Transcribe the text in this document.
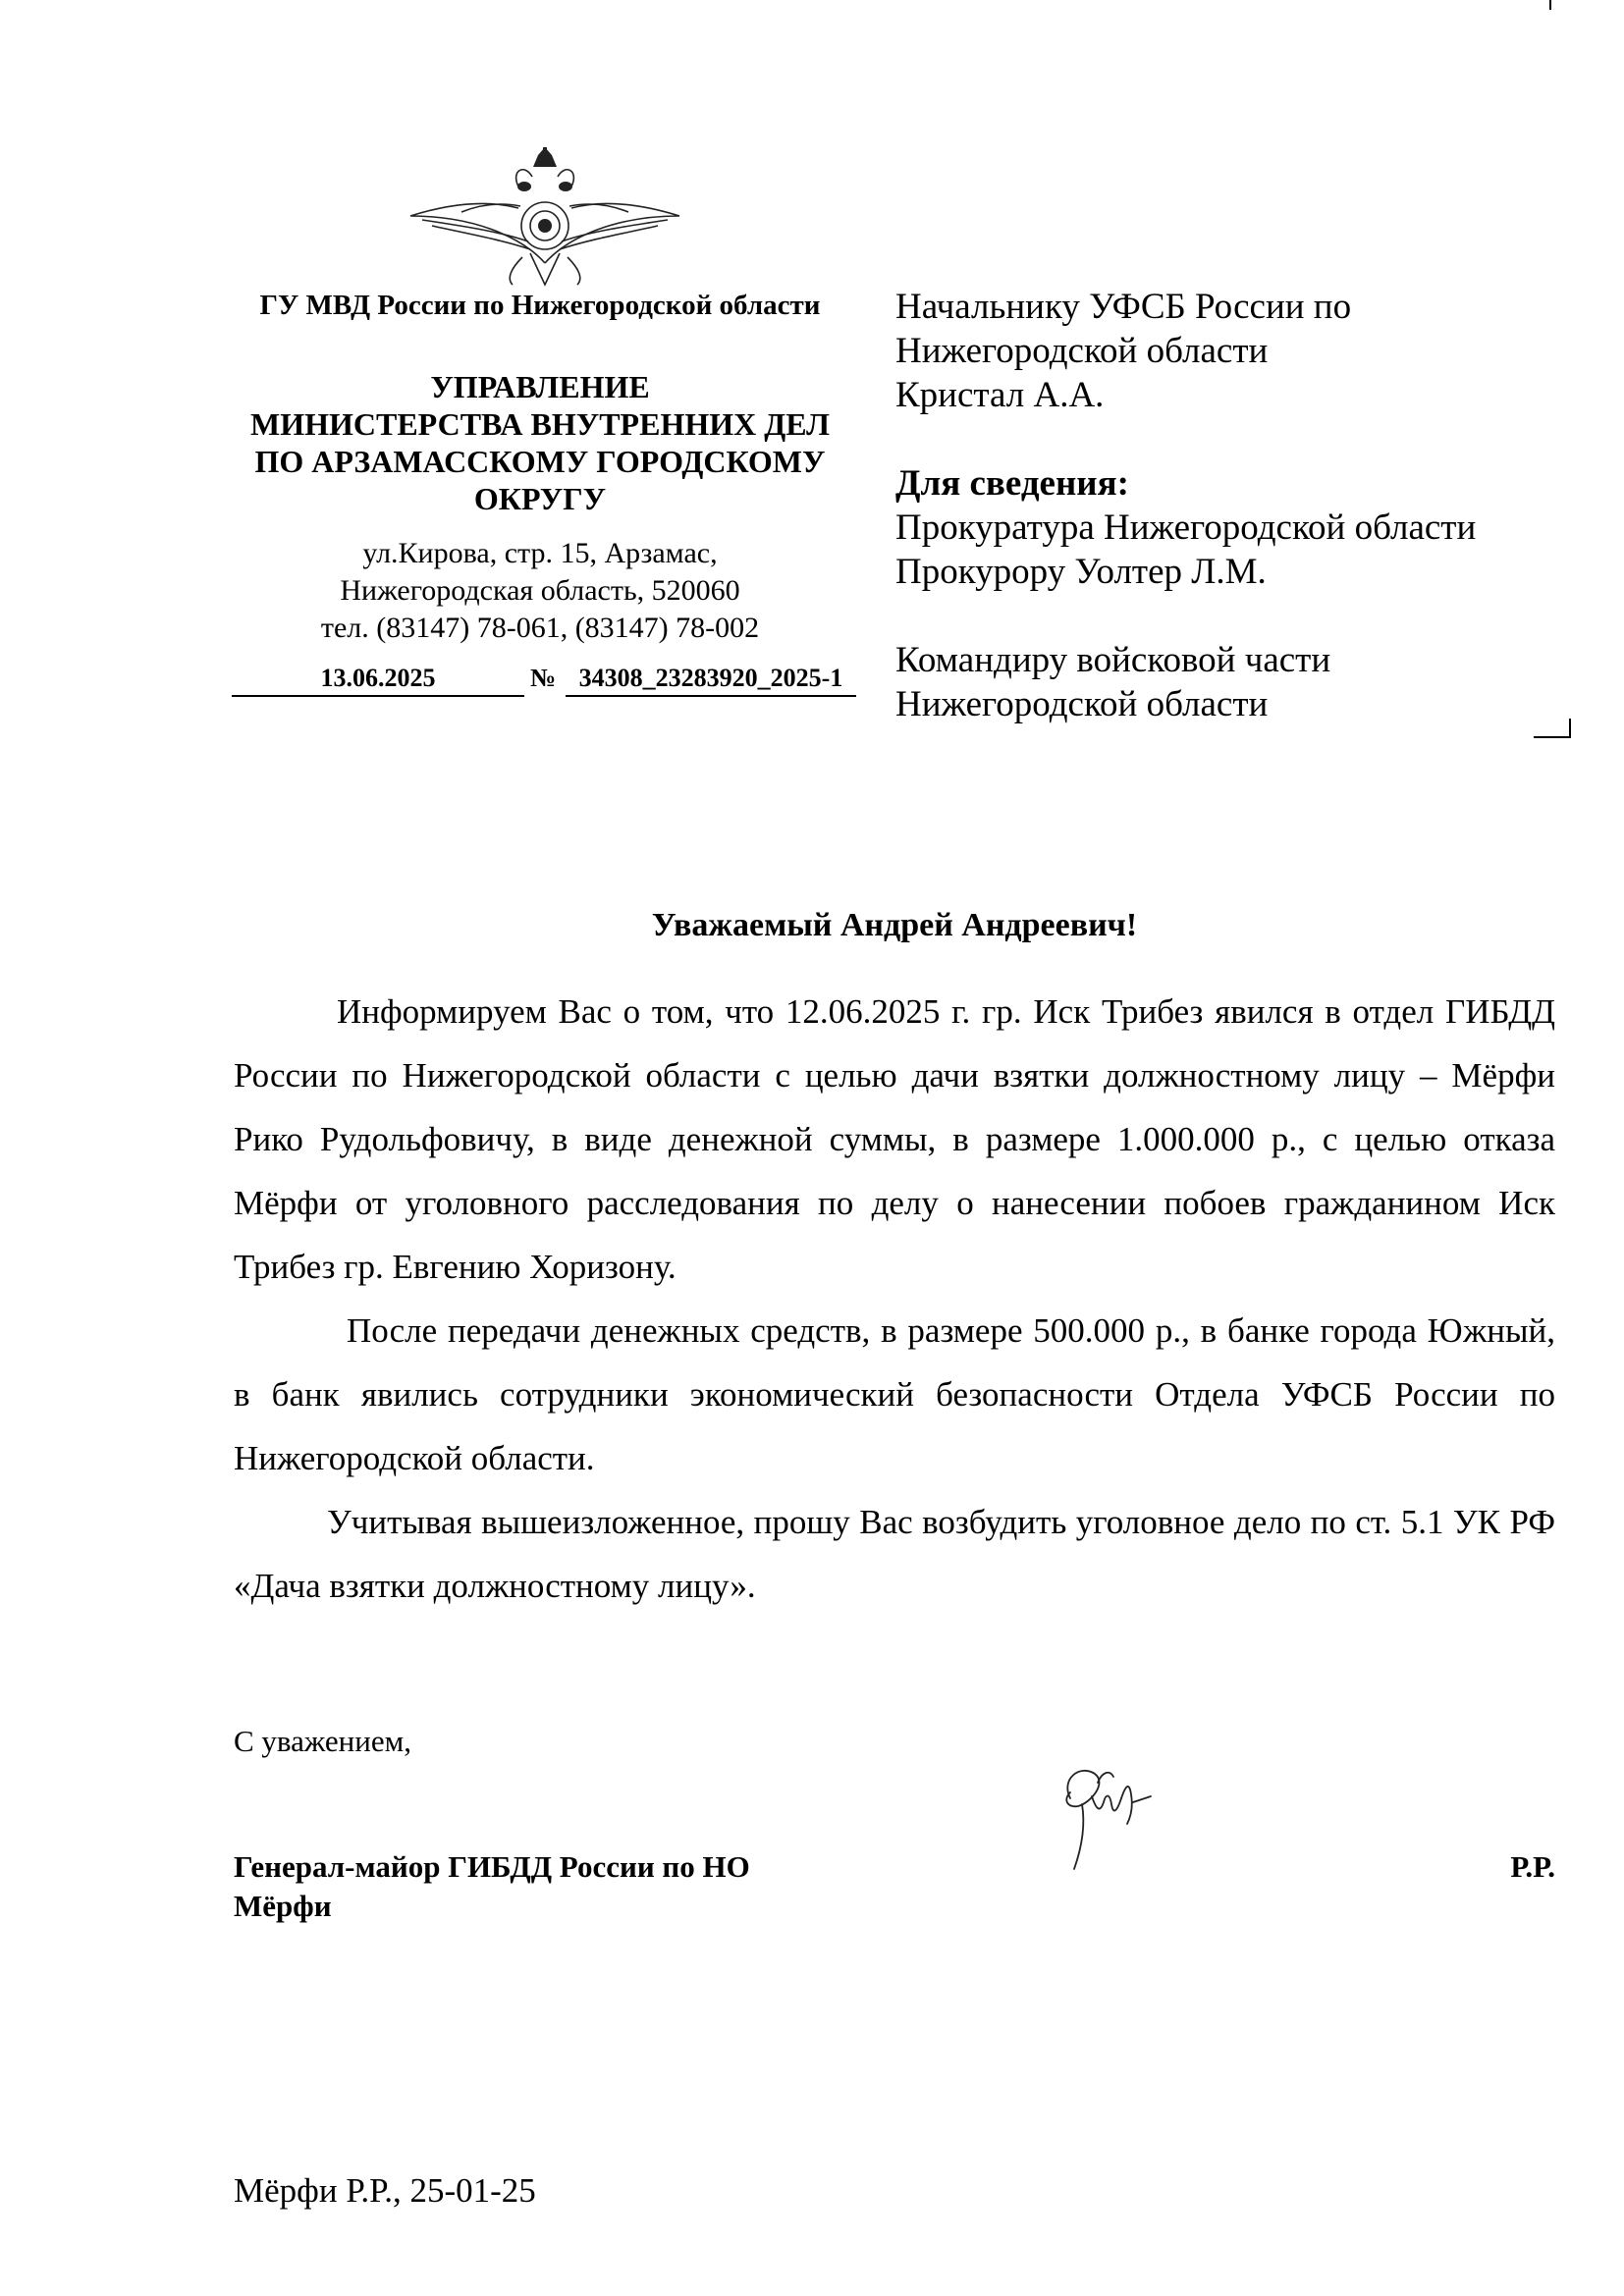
ГУ МВД России по Нижегородской области
УПРАВЛЕНИЕ
МИНИСТЕРСТВА ВНУТРЕННИХ ДЕЛ
ПО АРЗАМАССКОМУ ГОРОДСКОМУ
ОКРУГУ
ул.Кирова, стр. 15, Арзамас,
Нижегородская область, 520060
тел. (83147) 78-061, (83147) 78-002
13.06.2025	№ 34308_23283920_2025-1
Начальнику УФСБ России по
Нижегородской области
Кристал А.А.
Для сведения:
Прокуратура Нижегородской области
Прокурору Уолтер Л.М.
Командиру войсковой части
Нижегородской области
Уважаемый Андрей Андреевич!

Информируем Вас о том, что 12.06.2025 г. гр. Иск Трибез явился в отдел ГИБДД России по Нижегородской области с целью дачи взятки должностному лицу – Мёрфи Рико Рудольфовичу, в виде денежной суммы, в размере 1.000.000 р., с целью отказа Мёрфи от уголовного расследования по делу о нанесении побоев гражданином Иск Трибез гр. Евгению Хоризону.

После передачи денежных средств, в размере 500.000 р., в банке города Южный, в банк явились сотрудники экономический безопасности Отдела УФСБ России по Нижегородской области.

Учитывая вышеизложенное, прошу Вас возбудить уголовное дело по ст. 5.1 УК РФ «Дача взятки должностному лицу».

С уважением,
Генерал-майор ГИБДД России по НО
Мёрфи
Р.Р.
Мёрфи Р.Р., 25-01-25
